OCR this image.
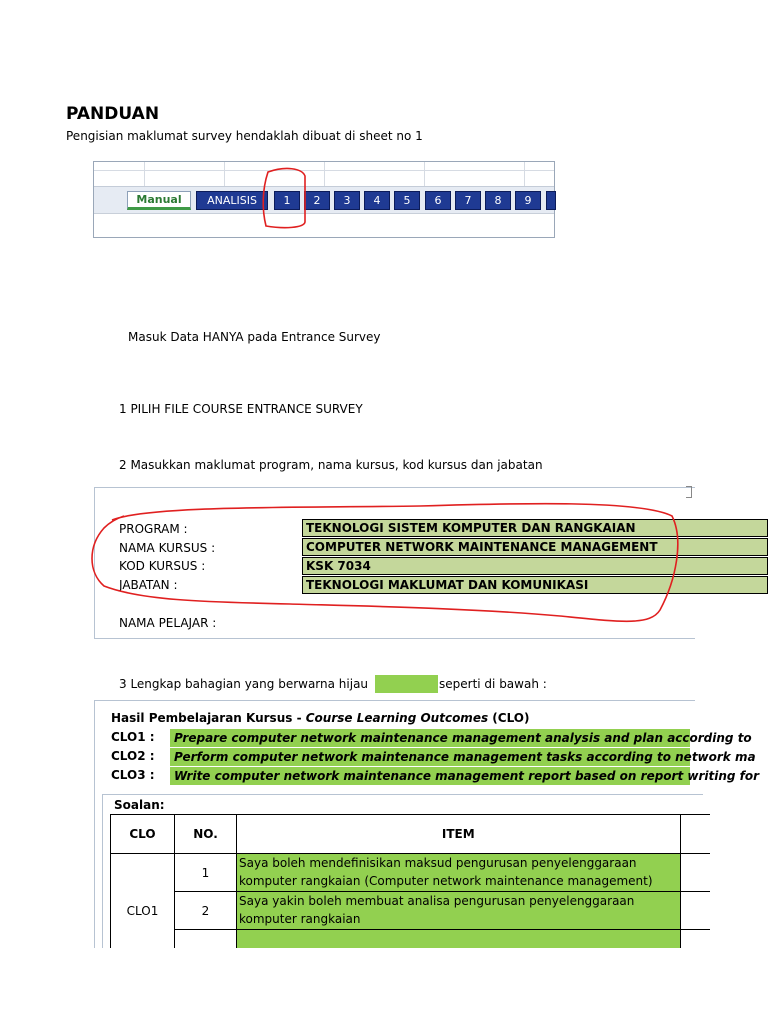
PANDUAN
Pengisian maklumat survey hendaklah dibuat di sheet no 1
Manual	ANALISIS	1	2	3	4	5	6	7	8	9
Masuk Data HANYA pada Entrance Survey
1 PILIH FILE COURSE ENTRANCE SURVEY
2 Masukkan maklumat program, nama kursus, kod kursus dan jabatan
PROGRAM :	TEKNOLOGI SISTEM KOMPUTER DAN RANGKAIAN
NAMA KURSUS :	COMPUTER NETWORK MAINTENANCE MANAGEMENT
KOD KURSUS :	KSK 7034
JABATAN :	TEKNOLOGI MAKLUMAT DAN KOMUNIKASI
NAMA PELAJAR :
3 Lengkap bahagian yang berwarna hijau	seperti di bawah :
Hasil Pembelajaran Kursus - Course Learning Outcomes (CLO)
CLO1 :	Prepare computer network maintenance management analysis and plan according to
CLO2 :	Perform computer network maintenance management tasks according to network ma
CLO3 :	Write computer network maintenance management report based on report writing for
Soalan:
CLO	NO.	ITEM	
CLO1	1	Saya boleh mendefinisikan maksud pengurusan penyelenggaraan komputer rangkaian (Computer network maintenance management)	
	2	Saya yakin boleh membuat analisa pengurusan penyelenggaraan komputer rangkaian	
